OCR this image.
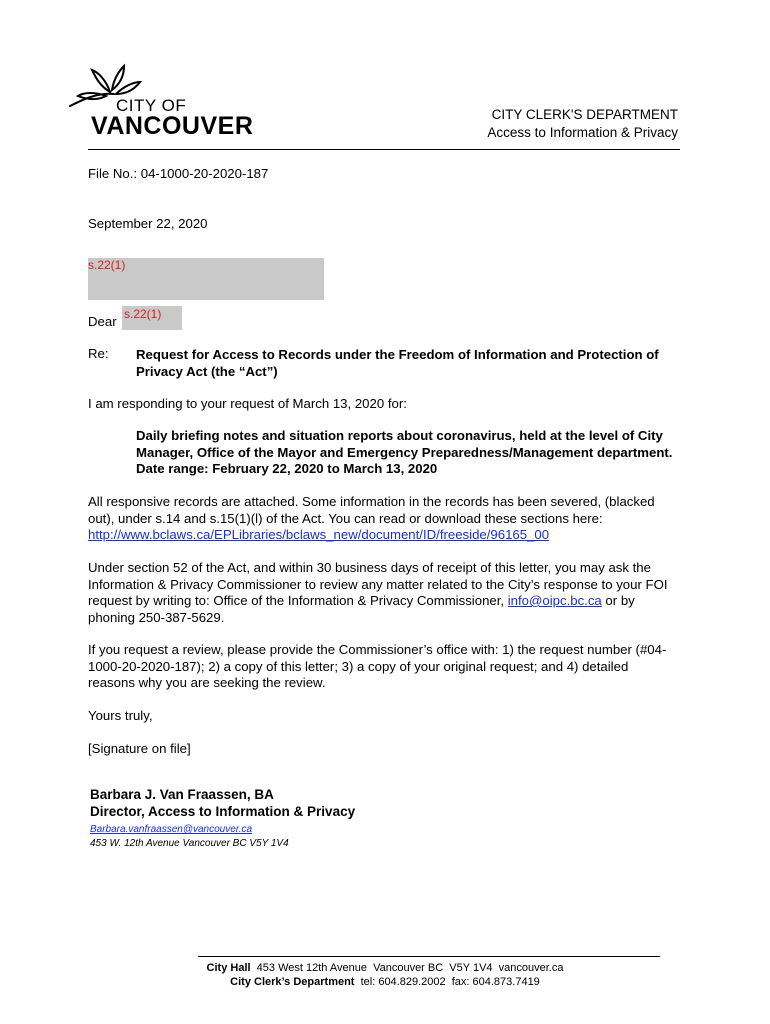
CITY OF
VANCOUVER	CITY CLERK'S DEPARTMENT
Access to Information & Privacy
File No.: 04-1000-20-2020-187
September 22, 2020
s.22(1)
Dear s.22(1)
Re: Request for Access to Records under the Freedom of Information and Protection of Privacy Act (the “Act”)
I am responding to your request of March 13, 2020 for:
Daily briefing notes and situation reports about coronavirus, held at the level of City Manager, Office of the Mayor and Emergency Preparedness/Management department. Date range: February 22, 2020 to March 13, 2020
All responsive records are attached. Some information in the records has been severed, (blacked out), under s.14 and s.15(1)(l) of the Act. You can read or download these sections here: http://www.bclaws.ca/EPLibraries/bclaws_new/document/ID/freeside/96165_00
Under section 52 of the Act, and within 30 business days of receipt of this letter, you may ask the Information & Privacy Commissioner to review any matter related to the City’s response to your FOI request by writing to: Office of the Information & Privacy Commissioner, info@oipc.bc.ca or by phoning 250-387-5629.
If you request a review, please provide the Commissioner’s office with: 1) the request number (#04-1000-20-2020-187); 2) a copy of this letter; 3) a copy of your original request; and 4) detailed reasons why you are seeking the review.
Yours truly,
[Signature on file]
Barbara J. Van Fraassen, BA
Director, Access to Information & Privacy
Barbara.vanfraassen@vancouver.ca
453 W. 12th Avenue Vancouver BC V5Y 1V4
City Hall  453 West 12th Avenue  Vancouver BC  V5Y 1V4  vancouver.ca
City Clerk’s Department  tel: 604.829.2002  fax: 604.873.7419
